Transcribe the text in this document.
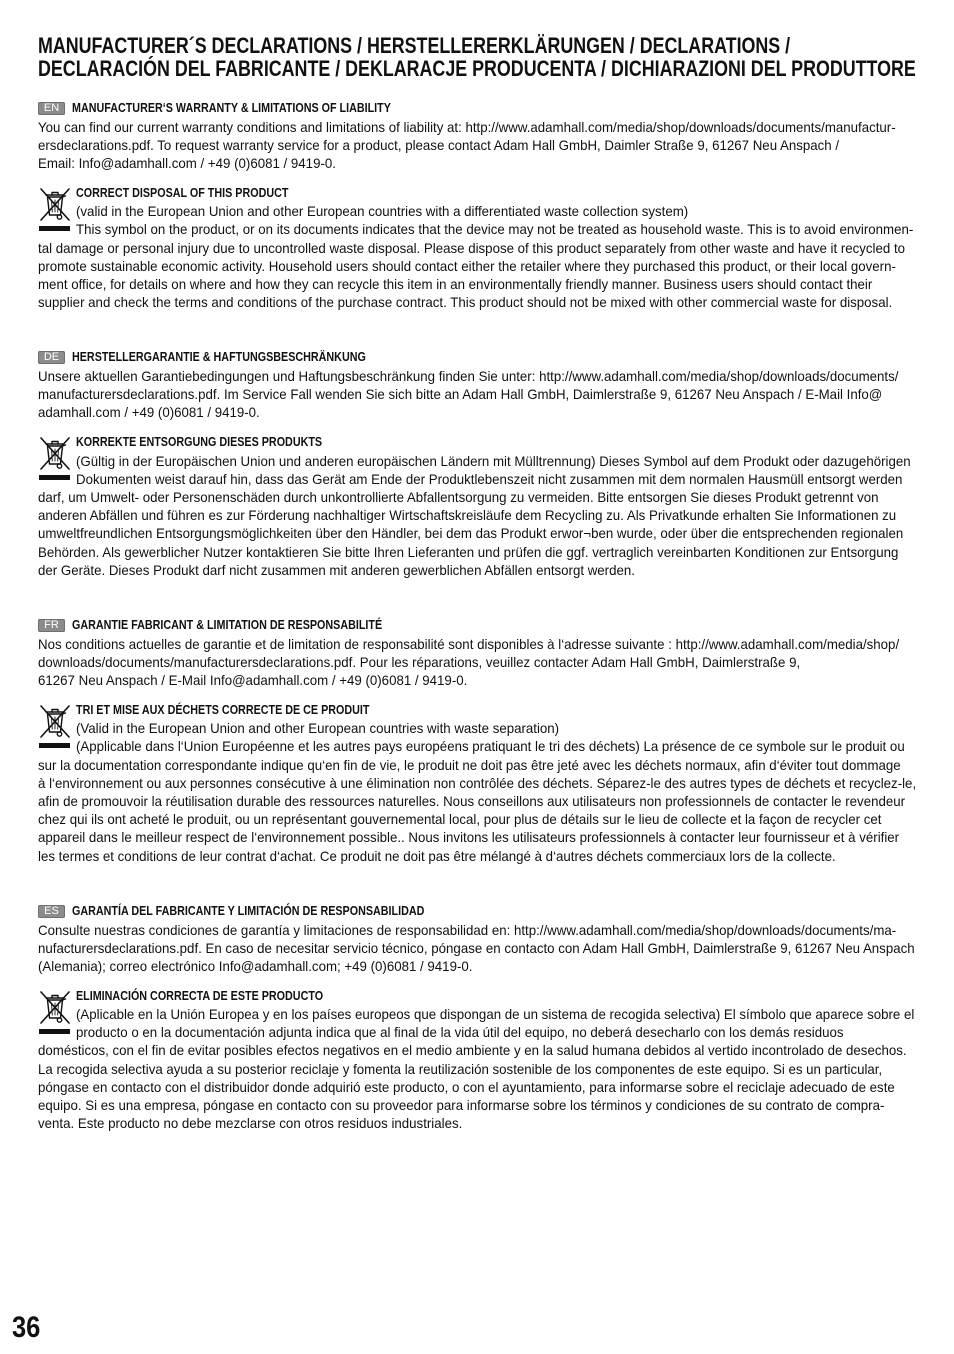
MANUFACTURER´S DECLARATIONS / HERSTELLERERKLÄRUNGEN / DECLARATIONS /
DECLARACIÓN DEL FABRICANTE / DEKLARACJE PRODUCENTA / DICHIARAZIONI DEL PRODUTTORE
EN	MANUFACTURER‘S WARRANTY & LIMITATIONS OF LIABILITY
You can find our current warranty conditions and limitations of liability at: http://www.adamhall.com/media/shop/downloads/documents/manufactur-
ersdeclarations.pdf. To request warranty service for a product, please contact Adam Hall GmbH, Daimler Straße 9, 61267 Neu Anspach /
Email: Info@adamhall.com / +49 (0)6081 / 9419-0.
CORRECT DISPOSAL OF THIS PRODUCT
(valid in the European Union and other European countries with a differentiated waste collection system)
This symbol on the product, or on its documents indicates that the device may not be treated as household waste. This is to avoid environmen-
tal damage or personal injury due to uncontrolled waste disposal. Please dispose of this product separately from other waste and have it recycled to
promote sustainable economic activity. Household users should contact either the retailer where they purchased this product, or their local govern-
ment office, for details on where and how they can recycle this item in an environmentally friendly manner. Business users should contact their
supplier and check the terms and conditions of the purchase contract. This product should not be mixed with other commercial waste for disposal.
DE	HERSTELLERGARANTIE & HAFTUNGSBESCHRÄNKUNG
Unsere aktuellen Garantiebedingungen und Haftungsbeschränkung finden Sie unter: http://www.adamhall.com/media/shop/downloads/documents/
manufacturersdeclarations.pdf. Im Service Fall wenden Sie sich bitte an Adam Hall GmbH, Daimlerstraße 9, 61267 Neu Anspach / E-Mail Info@
adamhall.com / +49 (0)6081 / 9419-0.
KORREKTE ENTSORGUNG DIESES PRODUKTS
(Gültig in der Europäischen Union und anderen europäischen Ländern mit Mülltrennung) Dieses Symbol auf dem Produkt oder dazugehörigen
Dokumenten weist darauf hin, dass das Gerät am Ende der Produktlebenszeit nicht zusammen mit dem normalen Hausmüll entsorgt werden
darf, um Umwelt- oder Personenschäden durch unkontrollierte Abfallentsorgung zu vermeiden. Bitte entsorgen Sie dieses Produkt getrennt von
anderen Abfällen und führen es zur Förderung nachhaltiger Wirtschaftskreisläufe dem Recycling zu. Als Privatkunde erhalten Sie Informationen zu
umweltfreundlichen Entsorgungsmöglichkeiten über den Händler, bei dem das Produkt erwor¬ben wurde, oder über die entsprechenden regionalen
Behörden. Als gewerblicher Nutzer kontaktieren Sie bitte Ihren Lieferanten und prüfen die ggf. vertraglich vereinbarten Konditionen zur Entsorgung
der Geräte. Dieses Produkt darf nicht zusammen mit anderen gewerblichen Abfällen entsorgt werden.
FR	GARANTIE FABRICANT & LIMITATION DE RESPONSABILITÉ
Nos conditions actuelles de garantie et de limitation de responsabilité sont disponibles à l‘adresse suivante : http://www.adamhall.com/media/shop/
downloads/documents/manufacturersdeclarations.pdf. Pour les réparations, veuillez contacter Adam Hall GmbH, Daimlerstraße 9,
61267 Neu Anspach / E-Mail Info@adamhall.com / +49 (0)6081 / 9419-0.
TRI ET MISE AUX DÉCHETS CORRECTE DE CE PRODUIT
(Valid in the European Union and other European countries with waste separation)
(Applicable dans l‘Union Européenne et les autres pays européens pratiquant le tri des déchets) La présence de ce symbole sur le produit ou
sur la documentation correspondante indique qu‘en fin de vie, le produit ne doit pas être jeté avec les déchets normaux, afin d‘éviter tout dommage
à l‘environnement ou aux personnes consécutive à une élimination non contrôlée des déchets. Séparez-le des autres types de déchets et recyclez-le,
afin de promouvoir la réutilisation durable des ressources naturelles. Nous conseillons aux utilisateurs non professionnels de contacter le revendeur
chez qui ils ont acheté le produit, ou un représentant gouvernemental local, pour plus de détails sur le lieu de collecte et la façon de recycler cet
appareil dans le meilleur respect de l‘environnement possible.. Nous invitons les utilisateurs professionnels à contacter leur fournisseur et à vérifier
les termes et conditions de leur contrat d‘achat. Ce produit ne doit pas être mélangé à d‘autres déchets commerciaux lors de la collecte.
ES	GARANTÍA DEL FABRICANTE Y LIMITACIÓN DE RESPONSABILIDAD
Consulte nuestras condiciones de garantía y limitaciones de responsabilidad en: http://www.adamhall.com/media/shop/downloads/documents/ma-
nufacturersdeclarations.pdf. En caso de necesitar servicio técnico, póngase en contacto con Adam Hall GmbH, Daimlerstraße 9, 61267 Neu Anspach
(Alemania); correo electrónico Info@adamhall.com; +49 (0)6081 / 9419-0.
ELIMINACIÓN CORRECTA DE ESTE PRODUCTO
(Aplicable en la Unión Europea y en los países europeos que dispongan de un sistema de recogida selectiva) El símbolo que aparece sobre el
producto o en la documentación adjunta indica que al final de la vida útil del equipo, no deberá desecharlo con los demás residuos
domésticos, con el fin de evitar posibles efectos negativos en el medio ambiente y en la salud humana debidos al vertido incontrolado de desechos.
La recogida selectiva ayuda a su posterior reciclaje y fomenta la reutilización sostenible de los componentes de este equipo. Si es un particular,
póngase en contacto con el distribuidor donde adquirió este producto, o con el ayuntamiento, para informarse sobre el reciclaje adecuado de este
equipo. Si es una empresa, póngase en contacto con su proveedor para informarse sobre los términos y condiciones de su contrato de compra-
venta. Este producto no debe mezclarse con otros residuos industriales.
36
